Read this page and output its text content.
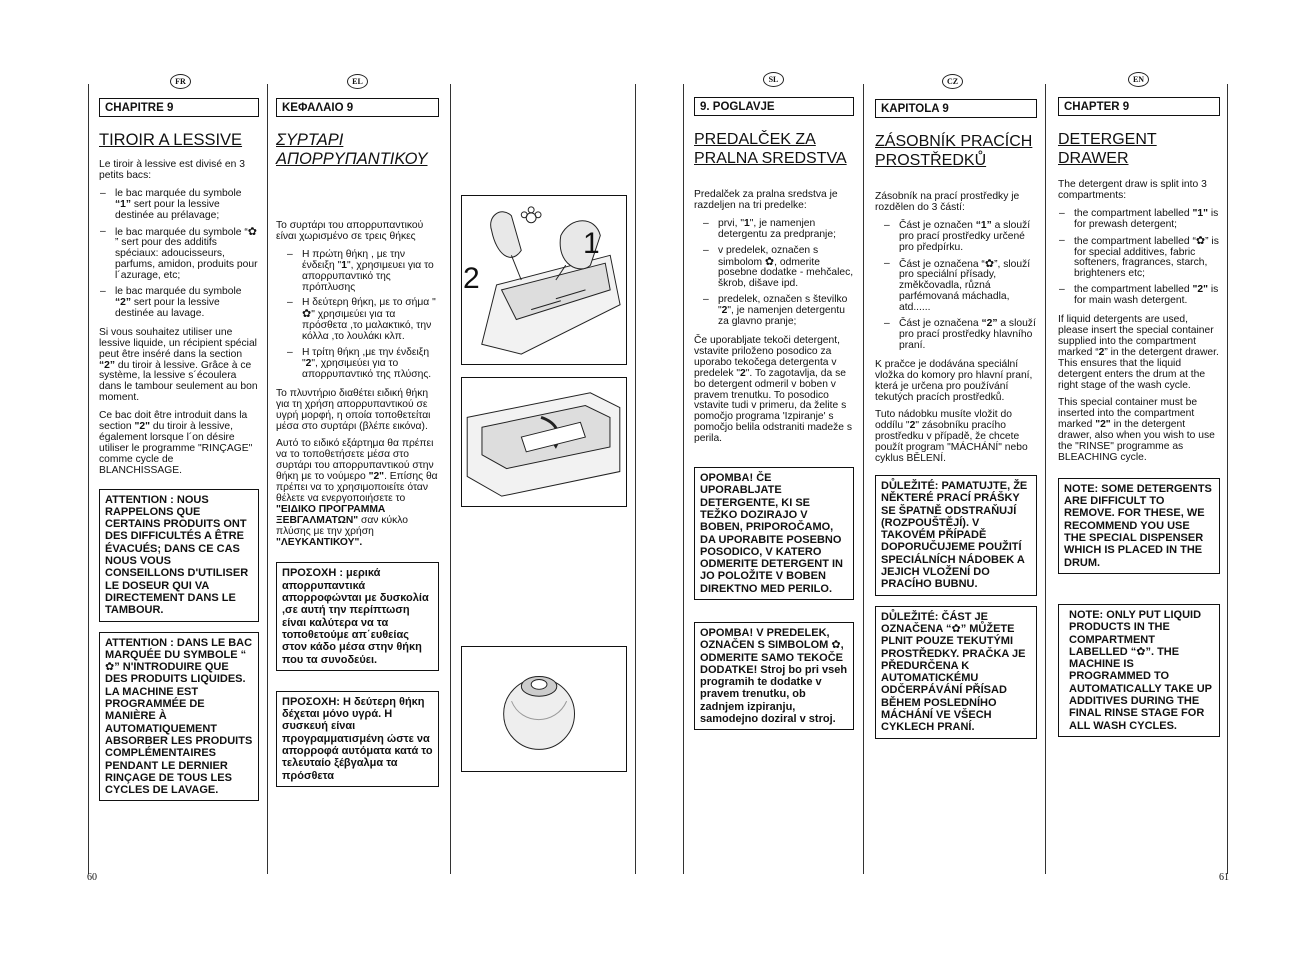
FR	EL	SL	CZ	EN
CHAPITRE 9
TIROIR A LESSIVE

Le tiroir à lessive est divisé en 3 petits bacs:

– le bac marquée du symbole “1” sert pour la lessive destinée au prélavage;
– le bac marquée du symbole “✿” sert pour des additifs spéciaux: adoucisseurs, parfums, amidon, produits pour l´azurage, etc;
– le bac marquée du symbole “2” sert pour la lessive destinée au lavage.

Si vous souhaitez utiliser une lessive liquide, un récipient spécial peut être inséré dans la section “2” du tiroir à lessive. Grâce à ce système, la lessive s´écoulera dans le tambour seulement au bon moment.

Ce bac doit être introduit dans la section "2" du tiroir à lessive, également lorsque l´on désire utiliser le programme "RINÇAGE" comme cycle de BLANCHISSAGE.

ATTENTION : NOUS RAPPELONS QUE CERTAINS PRODUITS ONT DES DIFFICULTÉS A ÊTRE ÉVACUÉS; DANS CE CAS NOUS VOUS CONSEILLONS D'UTILISER LE DOSEUR QUI VA DIRECTEMENT DANS LE TAMBOUR.
ATTENTION : DANS LE BAC MARQUÉE DU SYMBOLE “✿” N'INTRODUIRE QUE DES PRODUITS LIQUIDES. LA MACHINE EST PROGRAMMÉE DE MANIÈRE À AUTOMATIQUEMENT ABSORBER LES PRODUITS COMPLÉMENTAIRES PENDANT LE DERNIER RINÇAGE DE TOUS LES CYCLES DE LAVAGE.
ΚΕΦΑΛΑΙΟ 9
ΣΥΡΤΑΡΙ ΑΠΟΡΡΥΠΑΝΤΙΚΟΥ

Το συρτάρι του απορρυπαντικού είναι χωρισμένο σε τρεις θήκες

– Η πρώτη θήκη , με την ένδειξη "1", χρησιμευει για το απορρυπαντικό της πρόπλυσης
– Η δεύτερη θήκη, με το σήμα "✿" χρησιμεύει για τα πρόσθετα ,το μαλακτικό, την κόλλα ,το λουλάκι κλπ.
– Η τρίτη θήκη ,με την ένδειξη "2", χρησιμεύει για το απορρυπαντικό της πλύσης.

Το πλυντήριο διαθέτει ειδική θήκη για τη χρήση απορρυπαντικού σε υγρή μορφή, η οποία τοποθετείται μέσα στο συρτάρι (βλέπε εικόνα).

Αυτό το ειδικό εξάρτημα θα πρέπει να το τοποθετήσετε μέσα στο συρτάρι του απορρυπαντικού στην θήκη με το νούμερο "2". Επίσης θα πρέπει να το χρησιμοποιείτε όταν θέλετε να ενεργοποιήσετε το "ΕΙΔΙΚΟ ΠΡΟΓΡΑΜΜΑ ΞΕΒΓΑΛΜΑΤΩΝ" σαν κύκλο πλύσης με την χρήση "ΛΕΥΚΑΝΤΙΚΟΥ".

ΠΡΟΣΟΧΗ : μερικά απορρυπαντικά απορροφώνται με δυσκολία ,σε αυτή την περίπτωση είναι καλύτερα να τα τοποθετούμε απ΄ευθείας στον κάδο μέσα στην θήκη που τα συνοδεύει.
ΠΡΟΣΟΧΗ: Η δεύτερη θήκη δέχεται μόνο υγρά. Η συσκευή είναι προγραμματισμένη ώστε να απορροφά αυτόματα κατά το τελευταίο ξέβγαλμα τα πρόσθετα
1
2
9. POGLAVJE
PREDALČEK ZA PRALNA SREDSTVA

Predalček za pralna sredstva je razdeljen na tri predelke:

– prvi, "1", je namenjen detergentu za predpranje;
– v predelek, označen s simbolom ✿, odmerite posebne dodatke - mehčalec, škrob, dišave ipd.
– predelek, označen s številko "2", je namenjen detergentu za glavno pranje;

Če uporabljate tekoči detergent, vstavite priloženo posodico za uporabo tekočega detergenta v predelek "2". To zagotavlja, da se bo detergent odmeril v boben v pravem trenutku. To posodico vstavite tudi v primeru, da želite s pomočjo programa 'Izpiranje' s pomočjo belila odstraniti madeže s perila.

OPOMBA! ČE UPORABLJATE DETERGENTE, KI SE TEŽKO DOZIRAJO V BOBEN, PRIPOROČAMO, DA UPORABITE POSEBNO POSODICO, V KATERO ODMERITE DETERGENT IN JO POLOŽITE V BOBEN DIREKTNO MED PERILO.
OPOMBA! V PREDELEK, OZNAČEN S SIMBOLOM ✿, ODMERITE SAMO TEKOČE DODATKE! Stroj bo pri vseh programih te dodatke v pravem trenutku, ob zadnjem izpiranju, samodejno doziral v stroj.
KAPITOLA 9
ZÁSOBNÍK PRACÍCH PROSTŘEDKŮ

Zásobník na prací prostředky je rozdělen do 3 částí:

– Část je označen “1” a slouží pro prací prostředky určené pro předpírku.
– Část je označena “✿”, slouží pro speciální přísady, změkčovadla, různá parfémovaná máchadla, atd......
– Část je označena “2” a slouží pro prací prostředky hlavního praní.

K pračce je dodávána speciální vložka do komory pro hlavní praní, která je určena pro používání tekutých pracích prostředků.

Tuto nádobku musíte vložit do oddílu "2" zásobníku pracího prostředku v případě, že chcete použít program "MÁCHÁNÍ" nebo cyklus BĚLENÍ.

DŮLEŽITÉ: PAMATUJTE, ŽE NĚKTERÉ PRACÍ PRÁŠKY SE ŠPATNĚ ODSTRAŇUJÍ (ROZPOUŠTĚJÍ). V TAKOVÉM PŘÍPADĚ DOPORUČUJEME POUŽITÍ SPECIÁLNÍCH NÁDOBEK A JEJICH VLOŽENÍ DO PRACÍHO BUBNU.
DŮLEŽITÉ: ČÁST JE OZNAČENA “✿” MŮŽETE PLNIT POUZE TEKUTÝMI PROSTŘEDKY. PRAČKA JE PŘEDURČENA K AUTOMATICKÉMU ODČERPÁVÁNÍ PŘÍSAD BĚHEM POSLEDNÍHO MÁCHÁNÍ VE VŠECH CYKLECH PRANÍ.
CHAPTER 9
DETERGENT DRAWER

The detergent draw is split into 3 compartments:

– the compartment labelled "1" is for prewash detergent;
– the compartment labelled “✿” is for special additives, fabric softeners, fragrances, starch, brighteners etc;
– the compartment labelled "2" is for main wash detergent.

If liquid detergents are used, please insert the special container supplied into the compartment marked “2” in the detergent drawer. This ensures that the liquid detergent enters the drum at the right stage of the wash cycle.

This special container must be inserted into the compartment marked "2" in the detergent drawer, also when you wish to use the "RINSE" programme as BLEACHING cycle.

NOTE: SOME DETERGENTS ARE DIFFICULT TO REMOVE. FOR THESE, WE RECOMMEND YOU USE THE SPECIAL DISPENSER WHICH IS PLACED IN THE DRUM.
NOTE: ONLY PUT LIQUID PRODUCTS IN THE COMPARTMENT LABELLED “✿”. THE MACHINE IS PROGRAMMED TO AUTOMATICALLY TAKE UP ADDITIVES DURING THE FINAL RINSE STAGE FOR ALL WASH CYCLES.
60	61
